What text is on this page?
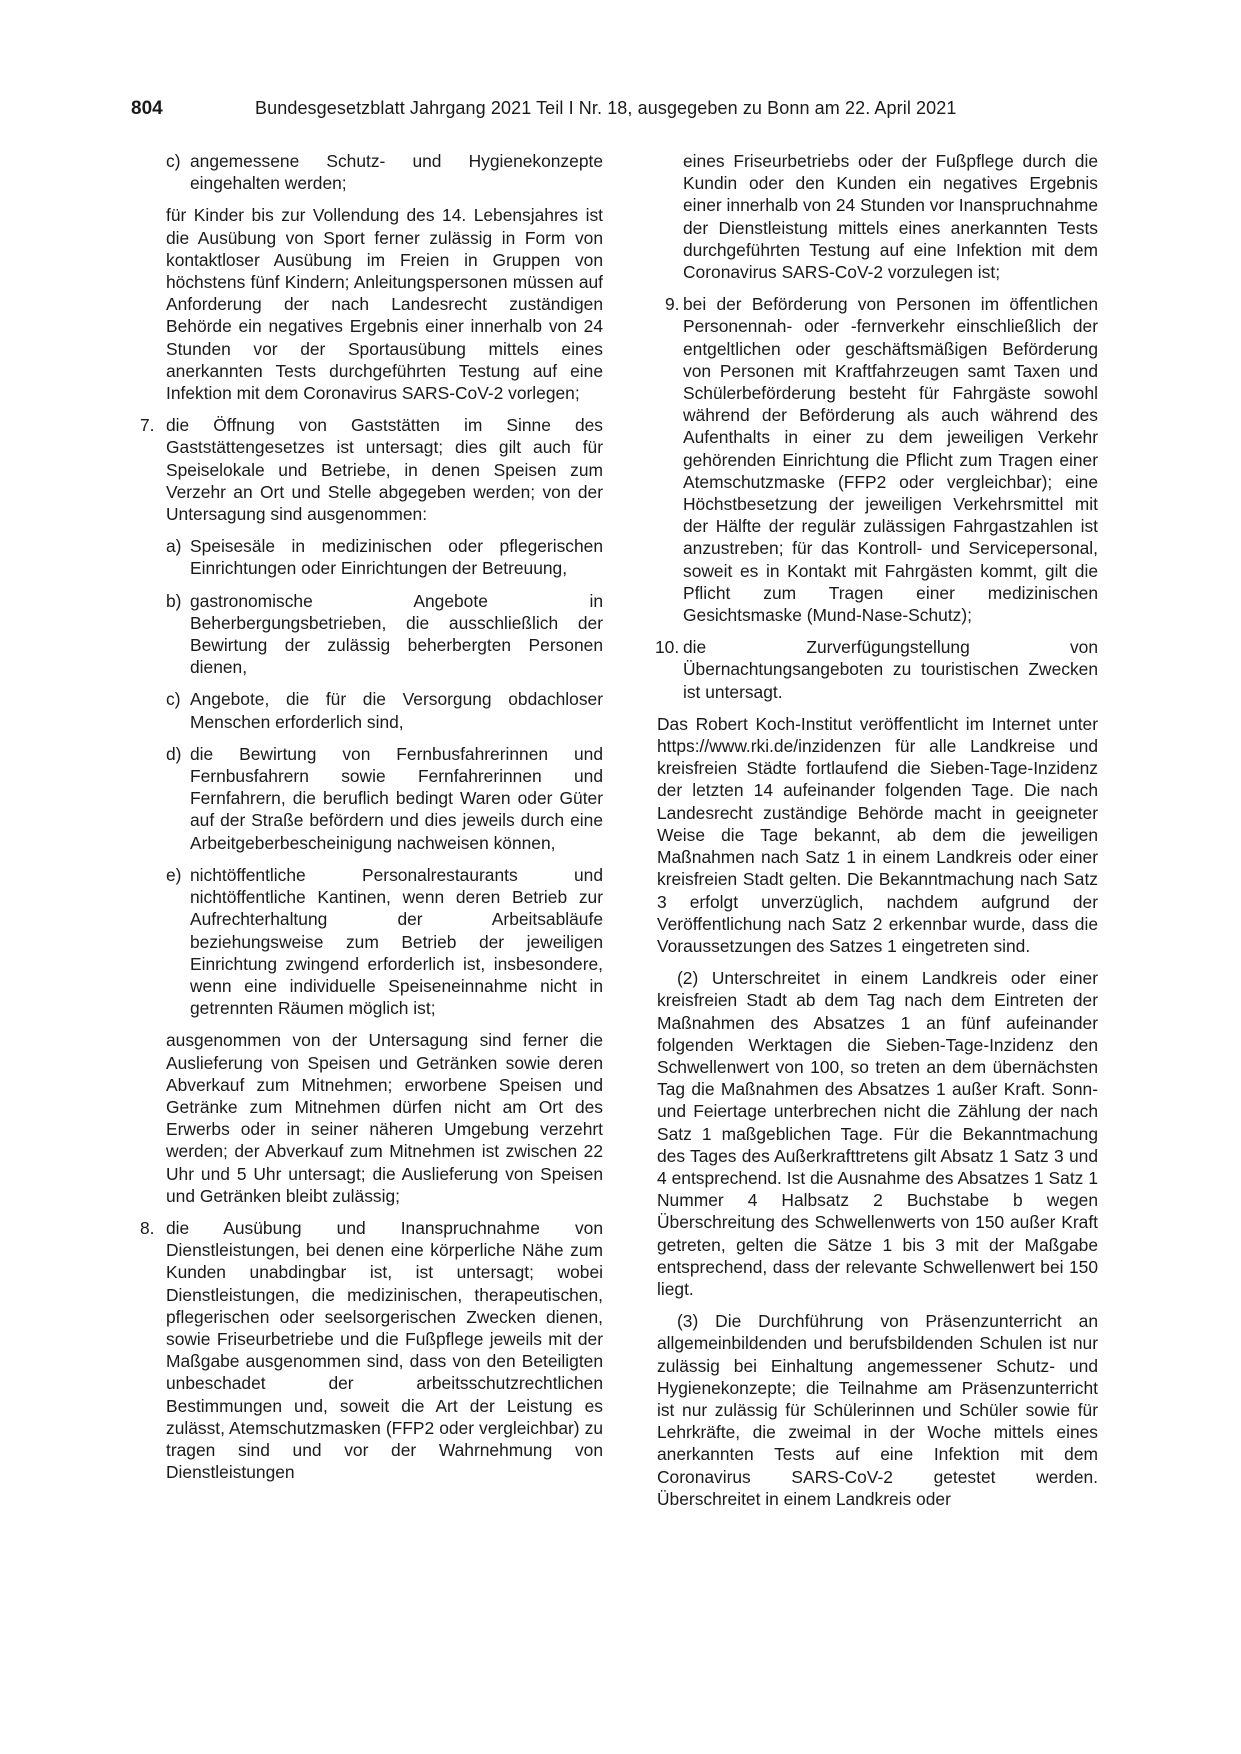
804	Bundesgesetzblatt Jahrgang 2021 Teil I Nr. 18, ausgegeben zu Bonn am 22. April 2021
c) angemessene Schutz- und Hygienekonzepte eingehalten werden;

für Kinder bis zur Vollendung des 14. Lebensjahres ist die Ausübung von Sport ferner zulässig in Form von kontaktloser Ausübung im Freien in Gruppen von höchstens fünf Kindern; Anleitungspersonen müssen auf Anforderung der nach Landesrecht zuständigen Behörde ein negatives Ergebnis einer innerhalb von 24 Stunden vor der Sportausübung mittels eines anerkannten Tests durchgeführten Testung auf eine Infektion mit dem Coronavirus SARS-CoV-2 vorlegen;

7. die Öffnung von Gaststätten im Sinne des Gaststättengesetzes ist untersagt; dies gilt auch für Speiselokale und Betriebe, in denen Speisen zum Verzehr an Ort und Stelle abgegeben werden; von der Untersagung sind ausgenommen:

a) Speisesäle in medizinischen oder pflegerischen Einrichtungen oder Einrichtungen der Betreuung,

b) gastronomische Angebote in Beherbergungsbetrieben, die ausschließlich der Bewirtung der zulässig beherbergten Personen dienen,

c) Angebote, die für die Versorgung obdachloser Menschen erforderlich sind,

d) die Bewirtung von Fernbusfahrerinnen und Fernbusfahrern sowie Fernfahrerinnen und Fernfahrern, die beruflich bedingt Waren oder Güter auf der Straße befördern und dies jeweils durch eine Arbeitgeberbescheinigung nachweisen können,

e) nichtöffentliche Personalrestaurants und nichtöffentliche Kantinen, wenn deren Betrieb zur Aufrechterhaltung der Arbeitsabläufe beziehungsweise zum Betrieb der jeweiligen Einrichtung zwingend erforderlich ist, insbesondere, wenn eine individuelle Speiseneinnahme nicht in getrennten Räumen möglich ist;

ausgenommen von der Untersagung sind ferner die Auslieferung von Speisen und Getränken sowie deren Abverkauf zum Mitnehmen; erworbene Speisen und Getränke zum Mitnehmen dürfen nicht am Ort des Erwerbs oder in seiner näheren Umgebung verzehrt werden; der Abverkauf zum Mitnehmen ist zwischen 22 Uhr und 5 Uhr untersagt; die Auslieferung von Speisen und Getränken bleibt zulässig;

8. die Ausübung und Inanspruchnahme von Dienstleistungen, bei denen eine körperliche Nähe zum Kunden unabdingbar ist, ist untersagt; wobei Dienstleistungen, die medizinischen, therapeutischen, pflegerischen oder seelsorgerischen Zwecken dienen, sowie Friseurbetriebe und die Fußpflege jeweils mit der Maßgabe ausgenommen sind, dass von den Beteiligten unbeschadet der arbeitsschutzrechtlichen Bestimmungen und, soweit die Art der Leistung es zulässt, Atemschutzmasken (FFP2 oder vergleichbar) zu tragen sind und vor der Wahrnehmung von Dienstleistungen

eines Friseurbetriebs oder der Fußpflege durch die Kundin oder den Kunden ein negatives Ergebnis einer innerhalb von 24 Stunden vor Inanspruchnahme der Dienstleistung mittels eines anerkannten Tests durchgeführten Testung auf eine Infektion mit dem Coronavirus SARS-CoV-2 vorzulegen ist;

9. bei der Beförderung von Personen im öffentlichen Personennah- oder -fernverkehr einschließlich der entgeltlichen oder geschäftsmäßigen Beförderung von Personen mit Kraftfahrzeugen samt Taxen und Schülerbeförderung besteht für Fahrgäste sowohl während der Beförderung als auch während des Aufenthalts in einer zu dem jeweiligen Verkehr gehörenden Einrichtung die Pflicht zum Tragen einer Atemschutzmaske (FFP2 oder vergleichbar); eine Höchstbesetzung der jeweiligen Verkehrsmittel mit der Hälfte der regulär zulässigen Fahrgastzahlen ist anzustreben; für das Kontroll- und Servicepersonal, soweit es in Kontakt mit Fahrgästen kommt, gilt die Pflicht zum Tragen einer medizinischen Gesichtsmaske (Mund-Nase-Schutz);

10. die Zurverfügungstellung von Übernachtungsangeboten zu touristischen Zwecken ist untersagt.

Das Robert Koch-Institut veröffentlicht im Internet unter https://www.rki.de/inzidenzen für alle Landkreise und kreisfreien Städte fortlaufend die Sieben-Tage-Inzidenz der letzten 14 aufeinander folgenden Tage. Die nach Landesrecht zuständige Behörde macht in geeigneter Weise die Tage bekannt, ab dem die jeweiligen Maßnahmen nach Satz 1 in einem Landkreis oder einer kreisfreien Stadt gelten. Die Bekanntmachung nach Satz 3 erfolgt unverzüglich, nachdem aufgrund der Veröffentlichung nach Satz 2 erkennbar wurde, dass die Voraussetzungen des Satzes 1 eingetreten sind.

(2) Unterschreitet in einem Landkreis oder einer kreisfreien Stadt ab dem Tag nach dem Eintreten der Maßnahmen des Absatzes 1 an fünf aufeinander folgenden Werktagen die Sieben-Tage-Inzidenz den Schwellenwert von 100, so treten an dem übernächsten Tag die Maßnahmen des Absatzes 1 außer Kraft. Sonn- und Feiertage unterbrechen nicht die Zählung der nach Satz 1 maßgeblichen Tage. Für die Bekanntmachung des Tages des Außerkrafttretens gilt Absatz 1 Satz 3 und 4 entsprechend. Ist die Ausnahme des Absatzes 1 Satz 1 Nummer 4 Halbsatz 2 Buchstabe b wegen Überschreitung des Schwellenwerts von 150 außer Kraft getreten, gelten die Sätze 1 bis 3 mit der Maßgabe entsprechend, dass der relevante Schwellenwert bei 150 liegt.

(3) Die Durchführung von Präsenzunterricht an allgemeinbildenden und berufsbildenden Schulen ist nur zulässig bei Einhaltung angemessener Schutz- und Hygienekonzepte; die Teilnahme am Präsenzunterricht ist nur zulässig für Schülerinnen und Schüler sowie für Lehrkräfte, die zweimal in der Woche mittels eines anerkannten Tests auf eine Infektion mit dem Coronavirus SARS-CoV-2 getestet werden. Überschreitet in einem Landkreis oder
